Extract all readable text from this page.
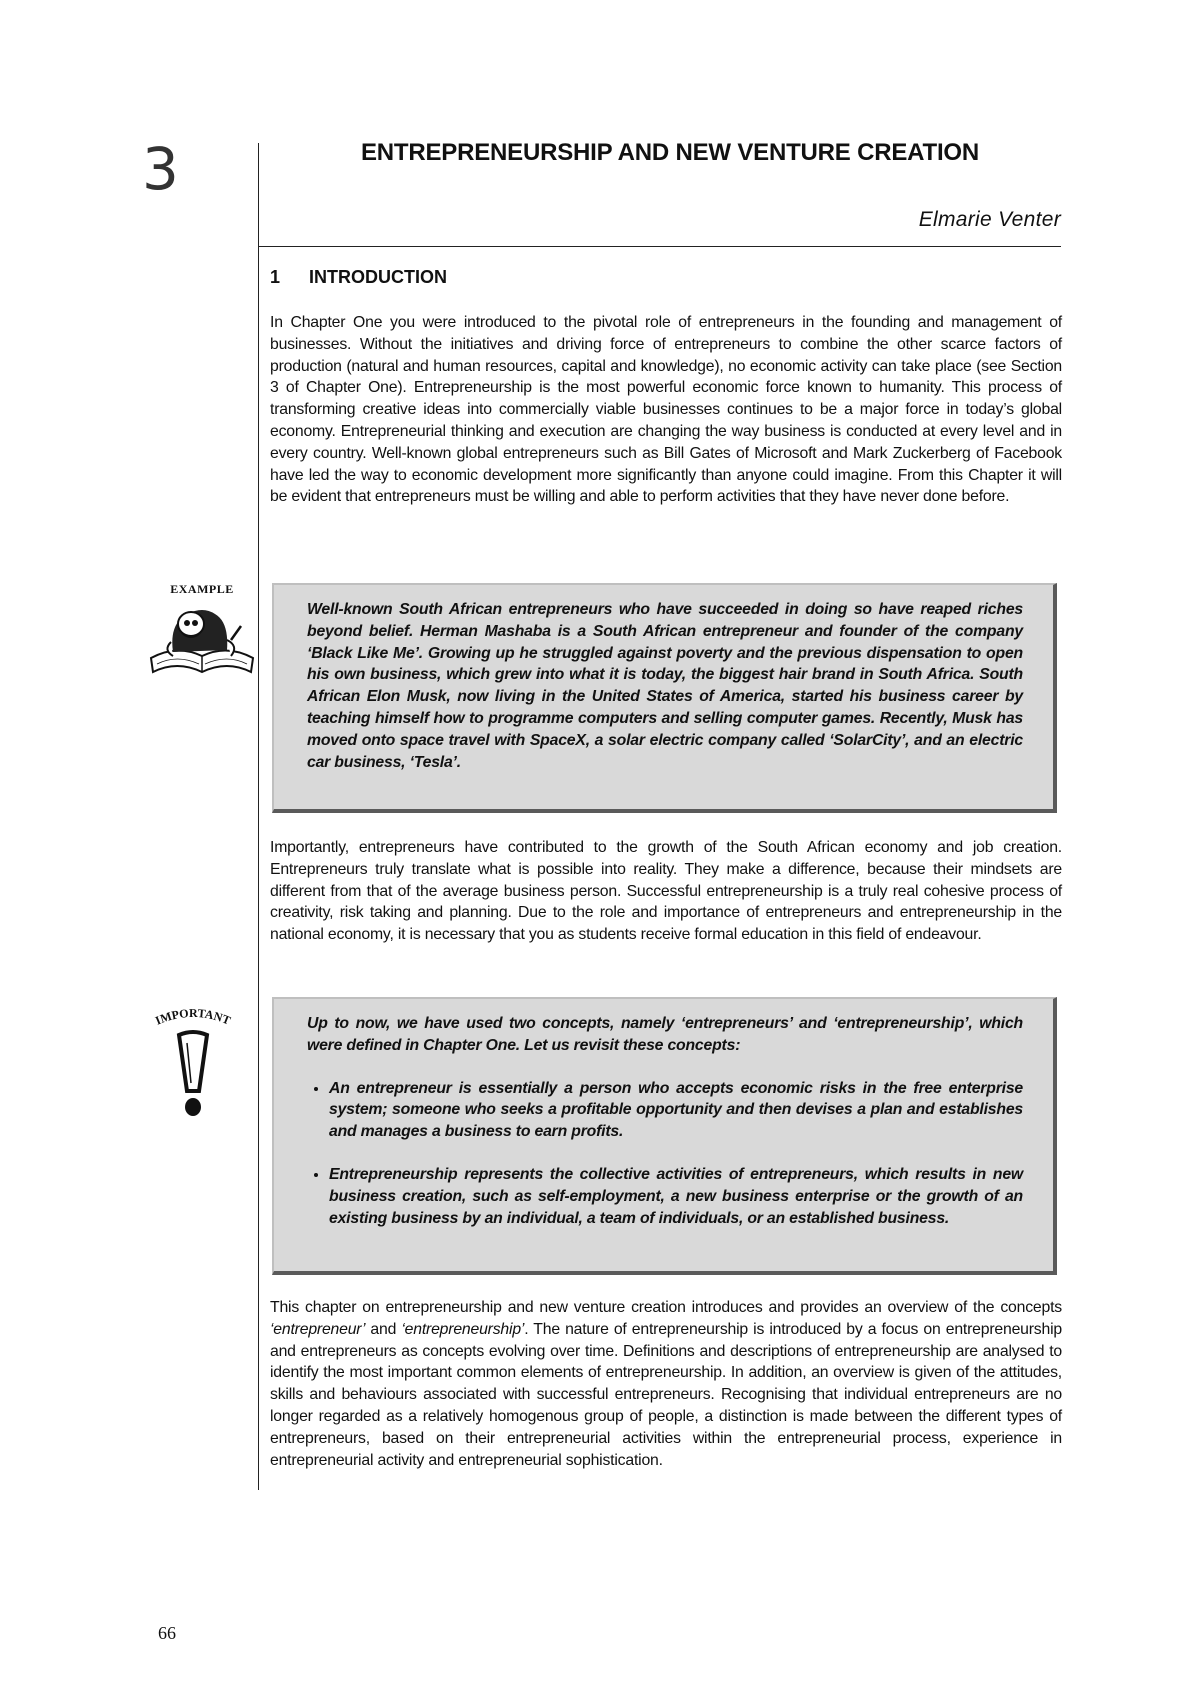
3	ENTREPRENEURSHIP AND NEW VENTURE CREATION
Elmarie Venter
1 INTRODUCTION

In Chapter One you were introduced to the pivotal role of entrepreneurs in the founding and management of businesses. Without the initiatives and driving force of entrepreneurs to combine the other scarce factors of production (natural and human resources, capital and knowledge), no economic activity can take place (see Section 3 of Chapter One). Entrepreneurship is the most powerful economic force known to humanity. This process of transforming creative ideas into commercially viable businesses continues to be a major force in today’s global economy. Entrepreneurial thinking and execution are changing the way business is conducted at every level and in every country. Well-known global entrepreneurs such as Bill Gates of Microsoft and Mark Zuckerberg of Facebook have led the way to economic development more significantly than anyone could imagine. From this Chapter it will be evident that entrepreneurs must be willing and able to perform activities that they have never done before.

EXAMPLE

Well-known South African entrepreneurs who have succeeded in doing so have reaped riches beyond belief. Herman Mashaba is a South African entrepreneur and founder of the company ‘Black Like Me’. Growing up he struggled against poverty and the previous dispensation to open his own business, which grew into what it is today, the biggest hair brand in South Africa. South African Elon Musk, now living in the United States of America, started his business career by teaching himself how to programme computers and selling computer games. Recently, Musk has moved onto space travel with SpaceX, a solar electric company called ‘SolarCity’, and an electric car business, ‘Tesla’.

Importantly, entrepreneurs have contributed to the growth of the South African economy and job creation. Entrepreneurs truly translate what is possible into reality. They make a difference, because their mindsets are different from that of the average business person. Successful entrepreneurship is a truly real cohesive process of creativity, risk taking and planning. Due to the role and importance of entrepreneurs and entrepreneurship in the national economy, it is necessary that you as students receive formal education in this field of endeavour.

IMPORTANT	Up to now, we have used two concepts, namely ‘entrepreneurs’ and ‘entrepreneurship’, which were defined in Chapter One. Let us revisit these concepts:

• An entrepreneur is essentially a person who accepts economic risks in the free enterprise system; someone who seeks a profitable opportunity and then devises a plan and establishes and manages a business to earn profits.
• Entrepreneurship represents the collective activities of entrepreneurs, which results in new business creation, such as self-employment, a new business enterprise or the growth of an existing business by an individual, a team of individuals, or an established business.

This chapter on entrepreneurship and new venture creation introduces and provides an overview of the concepts ‘entrepreneur’ and ‘entrepreneurship’. The nature of entrepreneurship is introduced by a focus on entrepreneurship and entrepreneurs as concepts evolving over time. Definitions and descriptions of entrepreneurship are analysed to identify the most important common elements of entrepreneurship. In addition, an overview is given of the attitudes, skills and behaviours associated with successful entrepreneurs. Recognising that individual entrepreneurs are no longer regarded as a relatively homogenous group of people, a distinction is made between the different types of entrepreneurs, based on their entrepreneurial activities within the entrepreneurial process, experience in entrepreneurial activity and entrepreneurial sophistication.

66
